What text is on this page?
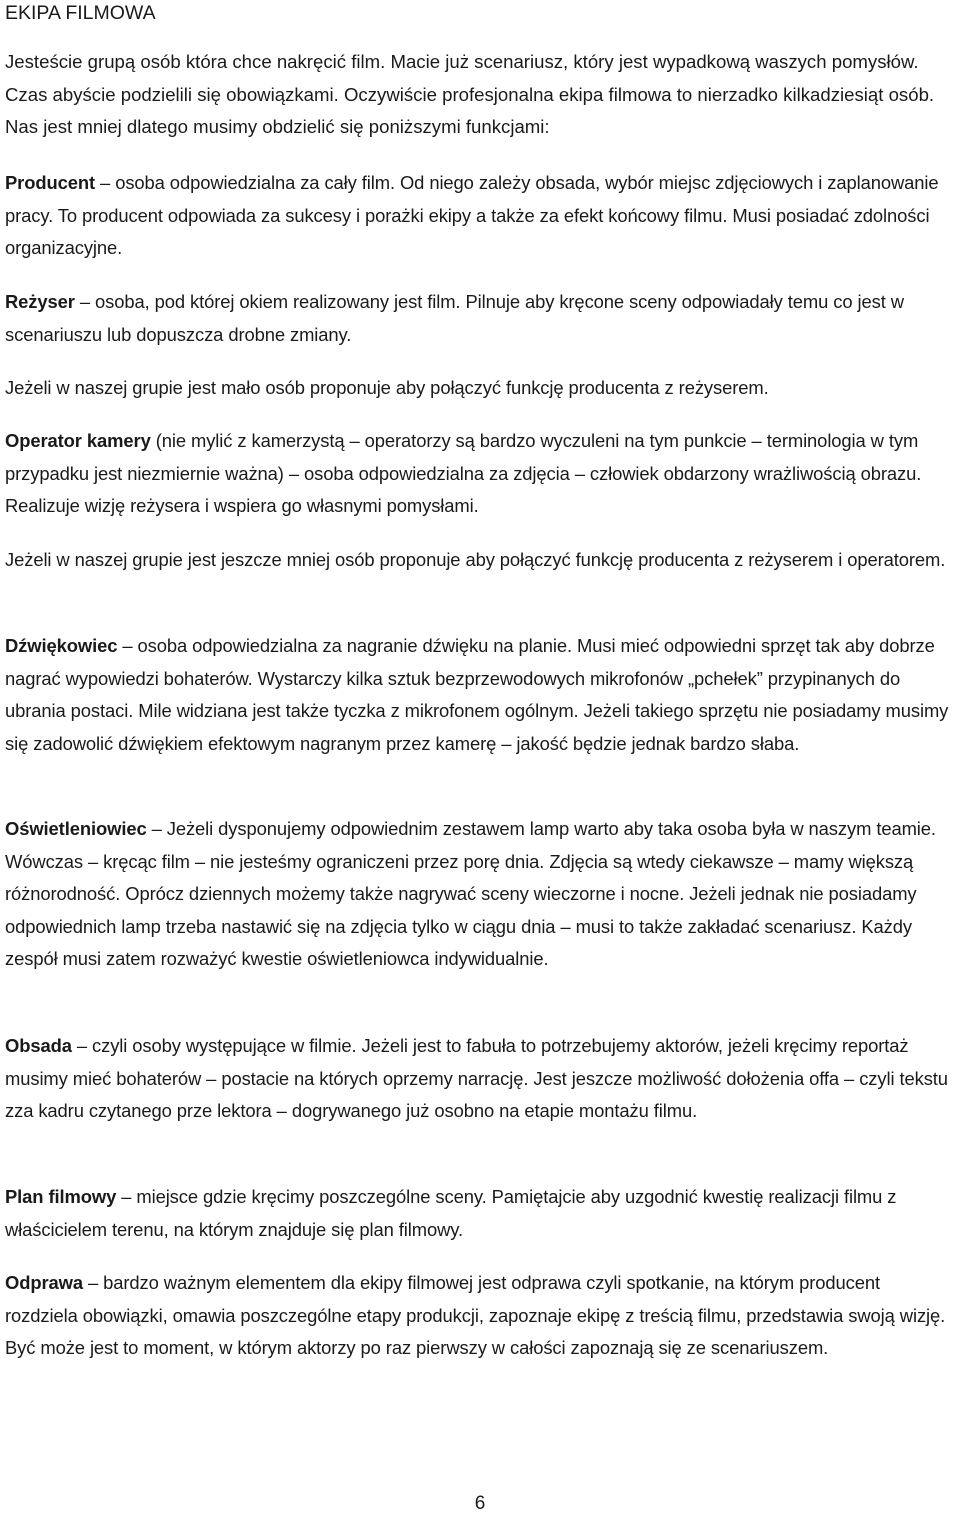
EKIPA FILMOWA

Jesteście grupą osób która chce nakręcić film. Macie już scenariusz, który jest wypadkową waszych pomysłów. Czas abyście podzielili się obowiązkami. Oczywiście profesjonalna ekipa filmowa to nierzadko kilkadziesiąt osób. Nas jest mniej dlatego musimy obdzielić się poniższymi funkcjami:

Producent – osoba odpowiedzialna za cały film. Od niego zależy obsada, wybór miejsc zdjęciowych i zaplanowanie pracy. To producent odpowiada za sukcesy i porażki ekipy a także za efekt końcowy filmu. Musi posiadać zdolności organizacyjne.

Reżyser – osoba, pod której okiem realizowany jest film. Pilnuje aby kręcone sceny odpowiadały temu co jest w scenariuszu lub dopuszcza drobne zmiany.

Jeżeli w naszej grupie jest mało osób proponuje aby połączyć funkcję producenta z reżyserem.

Operator kamery (nie mylić z kamerzystą – operatorzy są bardzo wyczuleni na tym punkcie – terminologia w tym przypadku jest niezmiernie ważna) – osoba odpowiedzialna za zdjęcia – człowiek obdarzony wrażliwością obrazu. Realizuje wizję reżysera i wspiera go własnymi pomysłami.

Jeżeli w naszej grupie jest jeszcze mniej osób proponuje aby połączyć funkcję producenta z reżyserem i operatorem.

Dźwiękowiec – osoba odpowiedzialna za nagranie dźwięku na planie. Musi mieć odpowiedni sprzęt tak aby dobrze nagrać wypowiedzi bohaterów. Wystarczy kilka sztuk bezprzewodowych mikrofonów „pchełek” przypinanych do ubrania postaci. Mile widziana jest także tyczka z mikrofonem ogólnym. Jeżeli takiego sprzętu nie posiadamy musimy się zadowolić dźwiękiem efektowym nagranym przez kamerę – jakość będzie jednak bardzo słaba.

Oświetleniowiec – Jeżeli dysponujemy odpowiednim zestawem lamp warto aby taka osoba była w naszym teamie. Wówczas – kręcąc film – nie jesteśmy ograniczeni przez porę dnia. Zdjęcia są wtedy ciekawsze – mamy większą różnorodność. Oprócz dziennych możemy także nagrywać sceny wieczorne i nocne. Jeżeli jednak nie posiadamy odpowiednich lamp trzeba nastawić się na zdjęcia tylko w ciągu dnia – musi to także zakładać scenariusz. Każdy zespół musi zatem rozważyć kwestie oświetleniowca indywidualnie.

Obsada – czyli osoby występujące w filmie. Jeżeli jest to fabuła to potrzebujemy aktorów, jeżeli kręcimy reportaż musimy mieć bohaterów – postacie na których oprzemy narrację. Jest jeszcze możliwość dołożenia offa – czyli tekstu zza kadru czytanego prze lektora – dogrywanego już osobno na etapie montażu filmu.

Plan filmowy – miejsce gdzie kręcimy poszczególne sceny. Pamiętajcie aby uzgodnić kwestię realizacji filmu z właścicielem terenu, na którym znajduje się plan filmowy.

Odprawa – bardzo ważnym elementem dla ekipy filmowej jest odprawa czyli spotkanie, na którym producent rozdziela obowiązki, omawia poszczególne etapy produkcji, zapoznaje ekipę z treścią filmu, przedstawia swoją wizję. Być może jest to moment, w którym aktorzy po raz pierwszy w całości zapoznają się ze scenariuszem.

6
